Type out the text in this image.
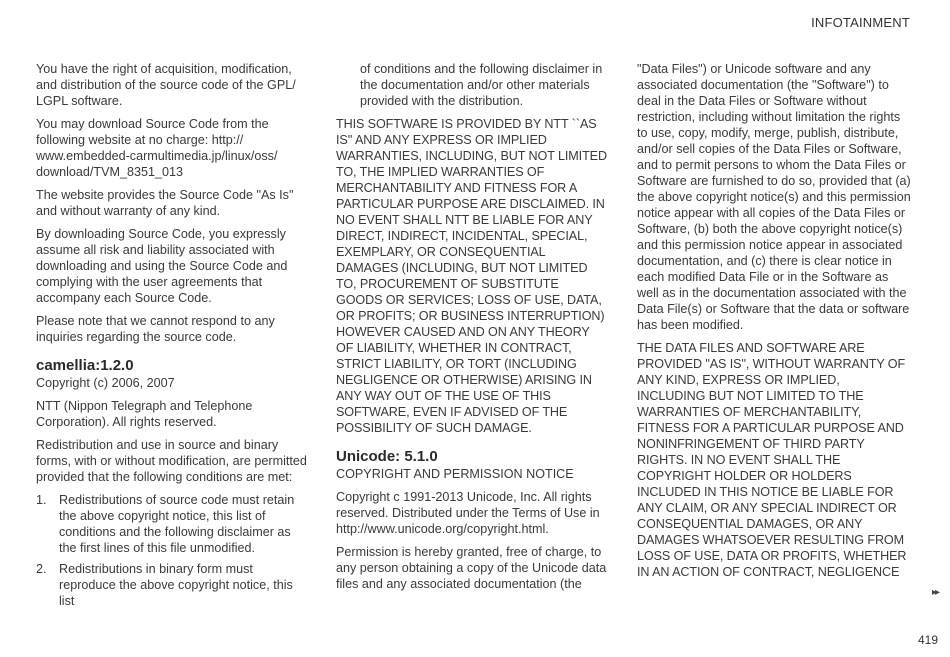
INFOTAINMENT

You have the right of acquisition, modification, and distribution of the source code of the GPL/ LGPL software.

You may download Source Code from the following website at no charge: http:// www.embedded-carmultimedia.jp/linux/oss/ download/TVM_8351_013

The website provides the Source Code "As Is" and without warranty of any kind.

By downloading Source Code, you expressly assume all risk and liability associated with downloading and using the Source Code and complying with the user agreements that accompany each Source Code.

Please note that we cannot respond to any inquiries regarding the source code.

camellia:1.2.0

Copyright (c) 2006, 2007

NTT (Nippon Telegraph and Telephone Corporation). All rights reserved.

Redistribution and use in source and binary forms, with or without modification, are permitted provided that the following conditions are met:

1. Redistributions of source code must retain the above copyright notice, this list of conditions and the following disclaimer as the first lines of this file unmodified.
2. Redistributions in binary form must reproduce the above copyright notice, this list

of conditions and the following disclaimer in the documentation and/or other materials provided with the distribution.

THIS SOFTWARE IS PROVIDED BY NTT ``AS IS'' AND ANY EXPRESS OR IMPLIED WARRANTIES, INCLUDING, BUT NOT LIMITED TO, THE IMPLIED WARRANTIES OF MERCHANTABILITY AND FITNESS FOR A PARTICULAR PURPOSE ARE DISCLAIMED. IN NO EVENT SHALL NTT BE LIABLE FOR ANY DIRECT, INDIRECT, INCIDENTAL, SPECIAL, EXEMPLARY, OR CONSEQUENTIAL DAMAGES (INCLUDING, BUT NOT LIMITED TO, PROCUREMENT OF SUBSTITUTE GOODS OR SERVICES; LOSS OF USE, DATA, OR PROFITS; OR BUSINESS INTERRUPTION) HOWEVER CAUSED AND ON ANY THEORY OF LIABILITY, WHETHER IN CONTRACT, STRICT LIABILITY, OR TORT (INCLUDING NEGLIGENCE OR OTHERWISE) ARISING IN ANY WAY OUT OF THE USE OF THIS SOFTWARE, EVEN IF ADVISED OF THE POSSIBILITY OF SUCH DAMAGE.

Unicode: 5.1.0

COPYRIGHT AND PERMISSION NOTICE

Copyright c 1991-2013 Unicode, Inc. All rights reserved. Distributed under the Terms of Use in http://www.unicode.org/copyright.html.

Permission is hereby granted, free of charge, to any person obtaining a copy of the Unicode data files and any associated documentation (the

"Data Files") or Unicode software and any associated documentation (the "Software") to deal in the Data Files or Software without restriction, including without limitation the rights to use, copy, modify, merge, publish, distribute, and/or sell copies of the Data Files or Software, and to permit persons to whom the Data Files or Software are furnished to do so, provided that (a) the above copyright notice(s) and this permission notice appear with all copies of the Data Files or Software, (b) both the above copyright notice(s) and this permission notice appear in associated documentation, and (c) there is clear notice in each modified Data File or in the Software as well as in the documentation associated with the Data File(s) or Software that the data or software has been modified.

THE DATA FILES AND SOFTWARE ARE PROVIDED "AS IS", WITHOUT WARRANTY OF ANY KIND, EXPRESS OR IMPLIED, INCLUDING BUT NOT LIMITED TO THE WARRANTIES OF MERCHANTABILITY, FITNESS FOR A PARTICULAR PURPOSE AND NONINFRINGEMENT OF THIRD PARTY RIGHTS. IN NO EVENT SHALL THE COPYRIGHT HOLDER OR HOLDERS INCLUDED IN THIS NOTICE BE LIABLE FOR ANY CLAIM, OR ANY SPECIAL INDIRECT OR CONSEQUENTIAL DAMAGES, OR ANY DAMAGES WHATSOEVER RESULTING FROM LOSS OF USE, DATA OR PROFITS, WHETHER IN AN ACTION OF CONTRACT, NEGLIGENCE

▸▸
419
